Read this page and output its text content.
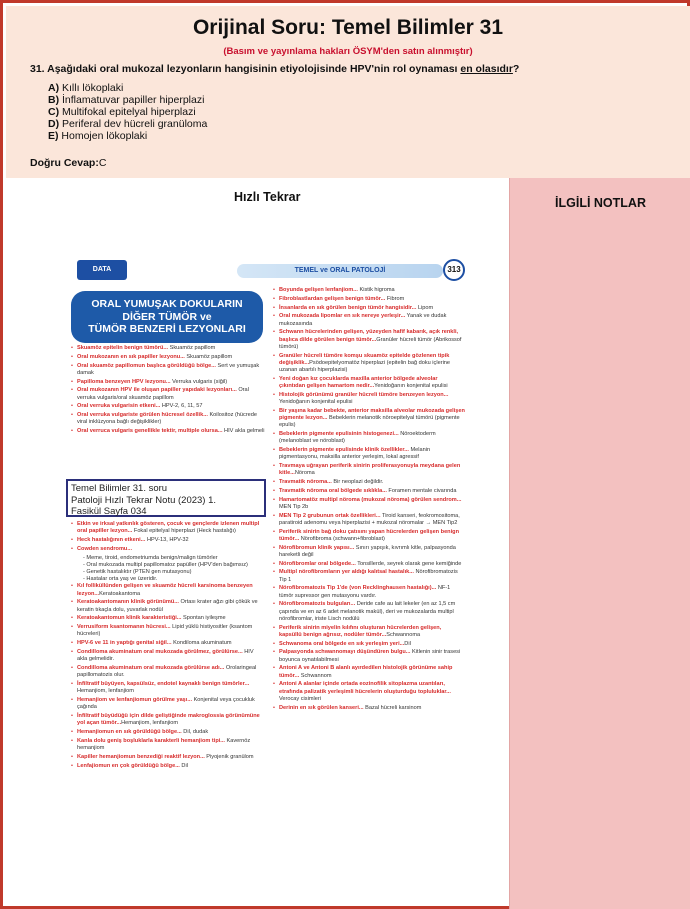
Orijinal Soru: Temel Bilimler 31
(Basım ve yayınlama hakları ÖSYM'den satın alınmıştır)
31. Aşağıdaki oral mukozal lezyonların hangisinin etiyolojisinde HPV'nin rol oynaması en olasıdır?
A) Kıllı lökoplaki
B) İnflamatuvar papiller hiperplazi
C) Multifokal epitelyal hiperplazi
D) Periferal dev hücreli granüloma
E) Homojen lökoplaki
Doğru Cevap:C
Hızlı Tekrar	İLGİLİ NOTLAR
DATA	TEMEL ve ORAL PATOLOJİ	313
ORAL YUMUŞAK DOKULARIN
DİĞER TÜMÖR ve
TÜMÖR BENZERİ LEZYONLARI
• Skuamöz epitelin benign tümörü... Skuamöz papillom
• Oral mukozanın en sık papiller lezyonu... Skuamöz papillom
• Oral skuamöz papillomun başlıca görüldüğü bölge... Sert ve yumuşak damak
• Papilloma benzeyen HPV lezyonu... Verruka vulgaris (siğil)
• Oral mukozanın HPV ile oluşan papiller yapıdaki lezyonları... Oral verruka vulgaris/oral skuamöz papillom
• Oral verruka vulgarisin etkeni... HPV-2, 6, 11, 57
• Oral verruka vulgariste görülen hücresel özellik... Koilositoz (hücrede viral inklüzyona bağlı değişiklikler)
• Oral verruca vulgaris genellikle tektir, multiple olursa... HIV akla gelmeli
• Etkin ve irksal yatkınlık gösteren, çocuk ve gençlerde izlenen multipl oral papiller lezyon... Fokal epitelyal hiperplazi (Heck hastalığı)
• Heck hastalığının etkeni... HPV-13, HPV-32
• Cowden sendromu...
- Meme, tiroid, endometriumda benign/malign tümörler
- Oral mukozada multipl papillomatoz papüller (HPV'den bağımsız)
- Genetik hastalıktır (PTEN gen mutasyonu)
- Hastalar orta yaş ve üzeridir.
• Kıl folliküllünden gelişen ve skuamöz hücreli karsinoma benzeyen lezyon...Keratoakantoma
• Keratoakantomanın klinik görünümü... Ortası krater ağzı gibi çökük ve keratin tıkaçla dolu, yuvarlak nodül
• Keratoakantomun klinik karakteristiği... Spontan iyileşme
• Verrusiform ksantomanın hücresi... Lipid yüklü histiyositler (ksantom hücreleri)
• HPV-6 ve 11 in yaptığı genital siğil... Kondiloma akuminatum
• Condilloma akuminatum oral mukozada görülmez, görülürse... HIV akla gelmelidir.
• Condilloma akuminatum oral mukozada görülürse adı... Orolaringeal papillomatozis olur.
• İnfiltratif büyüyen, kapsülsüz, endotel kaynaklı benign tümörler... Hemanjiom, lenfanjiom
• Hemanjiom ve lenfanjiomun görülme yaşı... Konjenital veya çocukluk çağında
• İnfiltratif büyüdüğü için dilde geliştiğinde makroglossia görünümüne yol açan tümör...Hemanjiom, lenfanjiom
• Hemanjiomun en sık görüldüğü bölge... Dil, dudak
• Kanla dolu geniş boşluklarla karakterli hemanjiom tipi... Kavernöz hemanjiom
• Kapiller hemanjiomun benzediği reaktif lezyon... Piyojenik granülom
• Lenfajiomun en çok görüldüğü bölge... Dil
• Boyunda gelişen lenfanjiom... Kistik higroma
• Fibroblastlardan gelişen benign tümör... Fibrom
• İnsanlarda en sık görülen benign tümör hangisidir... Lipom
• Oral mukozada lipomlar en sık nereye yerleşir... Yanak ve dudak mukozasında
• Schwann hücrelerinden gelişen, yüzeyden hafif kabarık, açık renkli, başlıca dilde görülen benign tümör...Granüler hücreli tümör (Abrikossof tümörü)
• Granüler hücreli tümöre komşu skuamöz epitelde gözlenen tipik değişiklik...Psödoepitelyomatöz hiperplazi (epitelin bağ doku içlerine uzanan abartılı hiperplazisi)
• Yeni doğan kız çocuklarda maxilla anterior bölgede alveolar çıkıntıdan gelişen hamartom nedir...Yenidoğanın konjenital epulisi
• Histolojik görünümü granüler hücreli tümöre benzeyen lezyon... Yenidoğanın konjenital epulisi
• Bir yaşına kadar bebekte, anterior maksilla alveolar mukozada gelişen pigmente lezyon... Bebeklerin melanotik nöroepitelyal tümörü (pigmente epulis)
• Bebeklerin pigmente epulisinin histogenezi... Nöroektoderm (melanoblast ve nöroblast)
• Bebeklerin pigmente epulisinde klinik özellikler... Melanin pigmentasyonu, maksilla anterior yerleşim, lokal agressif
• Travmaya uğrayan periferik sinirin proliferasyonuyla meydana gelen kitle...Nöroma
• Travmatik nöroma... Bir neoplazi değildir.
• Travmatik nöroma oral bölgede sıklıkla... Foramen mentale civarında
• Hamartomatöz multipl nöroma (mukozal nöroma) görülen sendrom... MEN Tip 2b
• MEN Tip 2 grubunun ortak özellikleri... Tiroid kanseri, feokromositoma, paratiroid adenomu veya hiperplazisi + mukozal nöromalar → MEN Tip2
• Periferik sinirin bağ doku çatısını yapan hücrelerden gelişen benign tümör... Nörofibroma (schwann+fibroblast)
• Nörofibromun klinik yapısı... Sınırı yapışık, kıvrımlı kitle, palpasyonda hareketli değil
• Nörofibromlar oral bölgede... Tonsillerde, seyrek olarak gene kemiğinde
• Multipl nörofibromların yer aldığı kalıtsal hastalık... Nörofibromatozis Tip 1
• Nörofibromatozis Tip 1'de (von Recklinghausen hastalığı)... NF-1 tümör supressor gen mutasyonu vardır.
• Nörofibromatozis bulguları... Deride cafe au lait lekeler (en az 1,5 cm çapında ve en az 6 adet melanotik makül), deri ve mukozalarda multipl nörofibromlar, iriste Lisch nodülü
• Periferik sinirin miyelin kılıfını oluşturan hücrelerden gelişen, kapsüllü benign ağrısız, nodüler tümör...Schwannoma
• Schwanoma oral bölgede en sık yerleşim yeri...Dil
• Palpasyonda schwannomayı düşündüren bulgu... Kitlenin sinir trasesi boyunca oynatılabilmesi
• Antoni A ve Antoni B alanlı ayırdedilen histolojik görünüme sahip tümör... Schwannom
• Antoni A alanlar içinde ortada eozinofilik sitoplazma uzantıları, etrafında palizatik yerleşimli hücrelerin oluşturduğu topluluklar... Verocay cisimleri
• Derinin en sık görülen kanseri... Bazal hücreli karsinom
Temel Bilimler 31. soru
Patoloji Hızlı Tekrar Notu (2023) 1.
Fasikül Sayfa 034
